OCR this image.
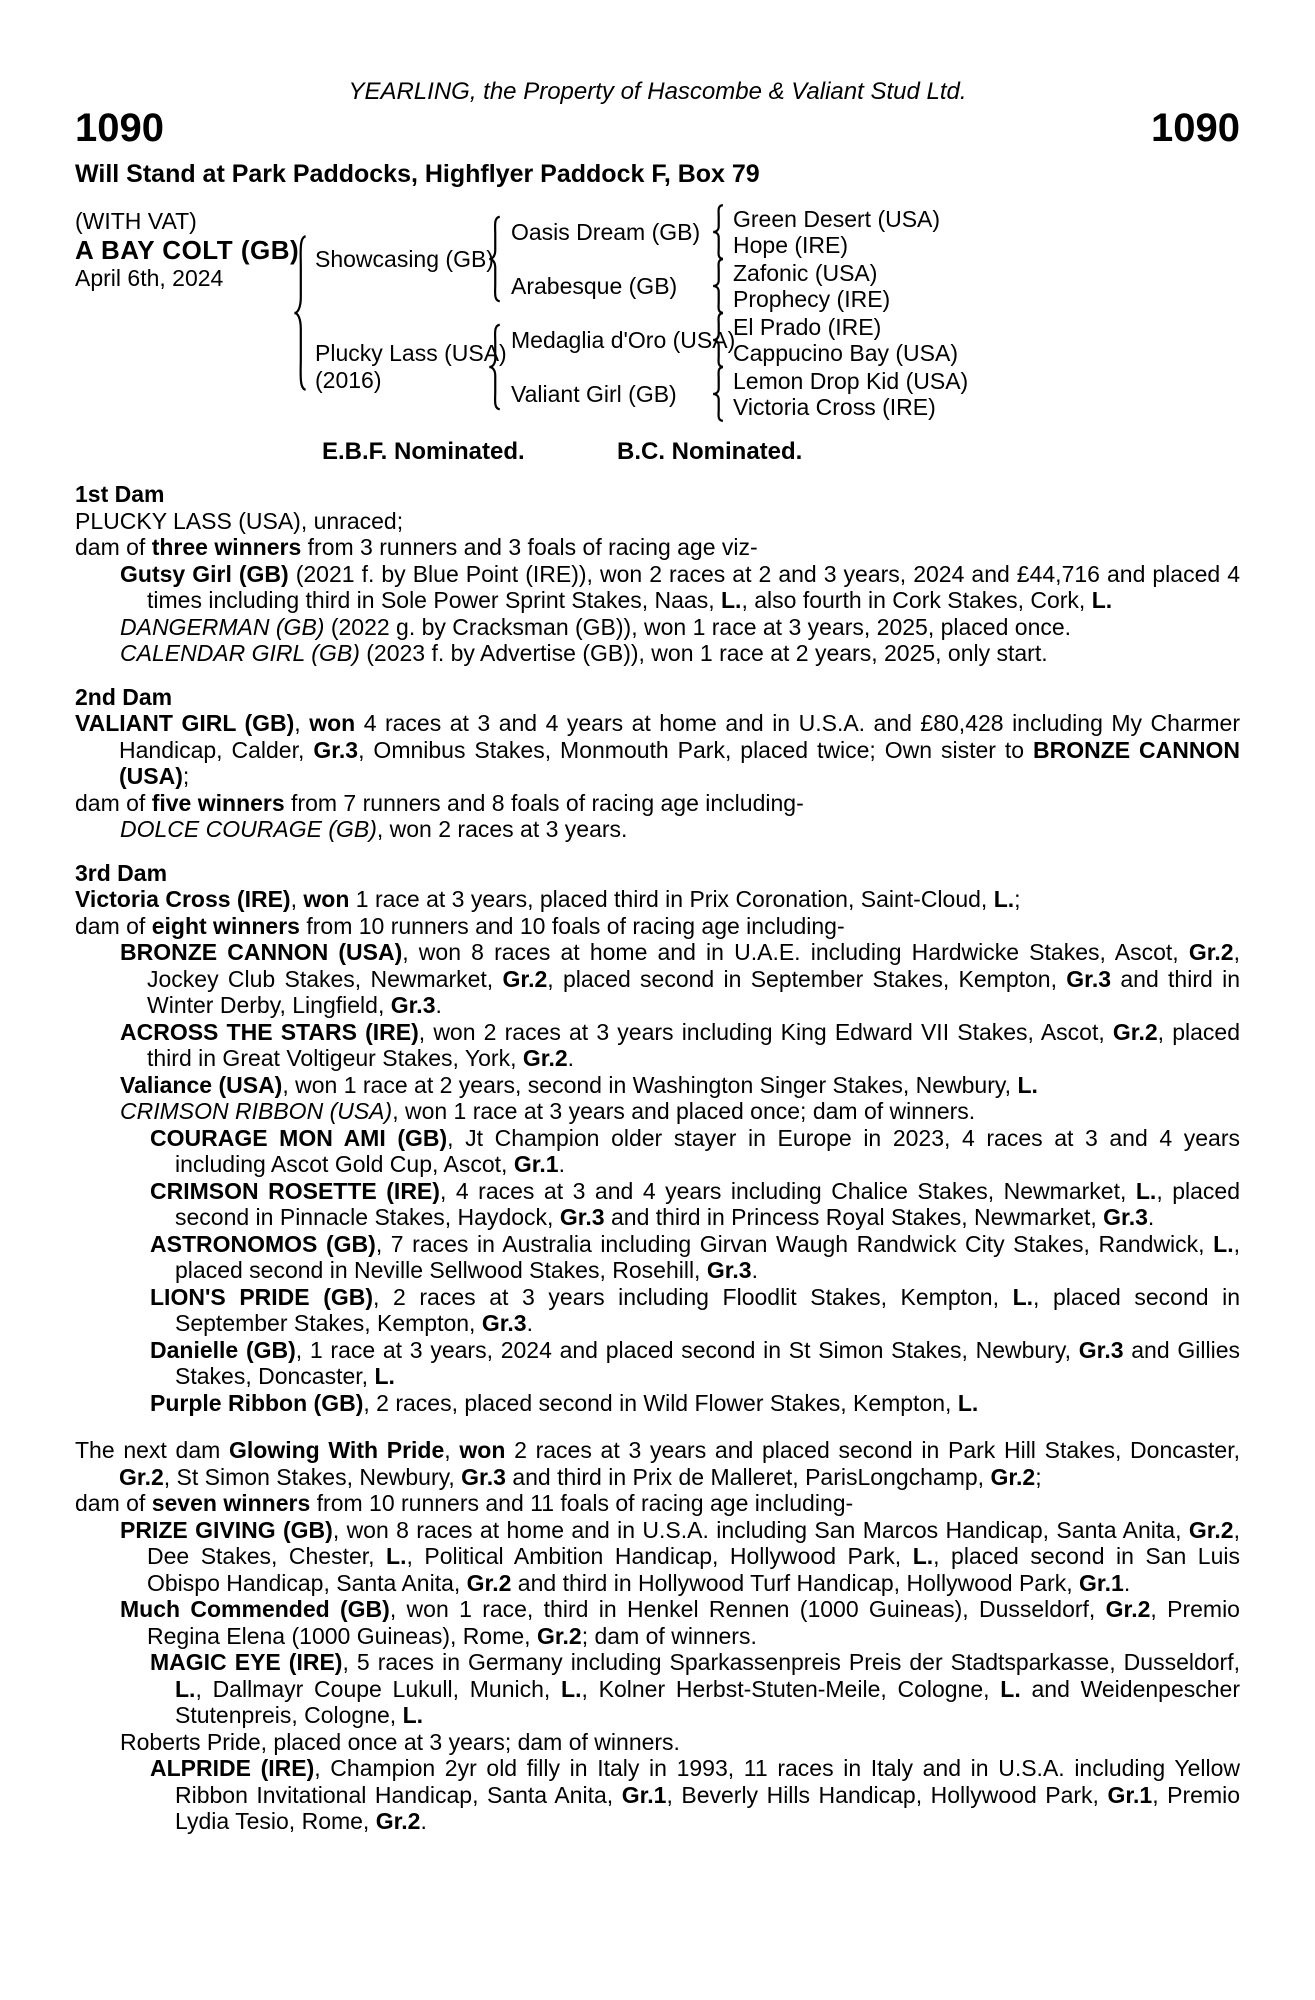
YEARLING, the Property of Hascombe & Valiant Stud Ltd.
1090	1090
Will Stand at Park Paddocks, Highflyer Paddock F, Box 79
(WITH VAT)
A BAY COLT (GB)
April 6th, 2024
Showcasing (GB)
Plucky Lass (USA)
(2016)
Oasis Dream (GB)
Arabesque (GB)
Medaglia d'Oro (USA)
Valiant Girl (GB)
Green Desert (USA)
Hope (IRE)
Zafonic (USA)
Prophecy (IRE)
El Prado (IRE)
Cappucino Bay (USA)
Lemon Drop Kid (USA)
Victoria Cross (IRE)
E.B.F. Nominated.	B.C. Nominated.
1st Dam

PLUCKY LASS (USA), unraced;

dam of three winners from 3 runners and 3 foals of racing age viz-

Gutsy Girl (GB) (2021 f. by Blue Point (IRE)), won 2 races at 2 and 3 years, 2024 and £44,716 and placed 4 times including third in Sole Power Sprint Stakes, Naas, L., also fourth in Cork Stakes, Cork, L.

DANGERMAN (GB) (2022 g. by Cracksman (GB)), won 1 race at 3 years, 2025, placed once.

CALENDAR GIRL (GB) (2023 f. by Advertise (GB)), won 1 race at 2 years, 2025, only start.

2nd Dam

VALIANT GIRL (GB), won 4 races at 3 and 4 years at home and in U.S.A. and £80,428 including My Charmer Handicap, Calder, Gr.3, Omnibus Stakes, Monmouth Park, placed twice; Own sister to BRONZE CANNON (USA);

dam of five winners from 7 runners and 8 foals of racing age including-

DOLCE COURAGE (GB), won 2 races at 3 years.

3rd Dam

Victoria Cross (IRE), won 1 race at 3 years, placed third in Prix Coronation, Saint-Cloud, L.;

dam of eight winners from 10 runners and 10 foals of racing age including-

BRONZE CANNON (USA), won 8 races at home and in U.A.E. including Hardwicke Stakes, Ascot, Gr.2, Jockey Club Stakes, Newmarket, Gr.2, placed second in September Stakes, Kempton, Gr.3 and third in Winter Derby, Lingfield, Gr.3.

ACROSS THE STARS (IRE), won 2 races at 3 years including King Edward VII Stakes, Ascot, Gr.2, placed third in Great Voltigeur Stakes, York, Gr.2.

Valiance (USA), won 1 race at 2 years, second in Washington Singer Stakes, Newbury, L.

CRIMSON RIBBON (USA), won 1 race at 3 years and placed once; dam of winners.

COURAGE MON AMI (GB), Jt Champion older stayer in Europe in 2023, 4 races at 3 and 4 years including Ascot Gold Cup, Ascot, Gr.1.

CRIMSON ROSETTE (IRE), 4 races at 3 and 4 years including Chalice Stakes, Newmarket, L., placed second in Pinnacle Stakes, Haydock, Gr.3 and third in Princess Royal Stakes, Newmarket, Gr.3.

ASTRONOMOS (GB), 7 races in Australia including Girvan Waugh Randwick City Stakes, Randwick, L., placed second in Neville Sellwood Stakes, Rosehill, Gr.3.

LION'S PRIDE (GB), 2 races at 3 years including Floodlit Stakes, Kempton, L., placed second in September Stakes, Kempton, Gr.3.

Danielle (GB), 1 race at 3 years, 2024 and placed second in St Simon Stakes, Newbury, Gr.3 and Gillies Stakes, Doncaster, L.

Purple Ribbon (GB), 2 races, placed second in Wild Flower Stakes, Kempton, L.

The next dam Glowing With Pride, won 2 races at 3 years and placed second in Park Hill Stakes, Doncaster, Gr.2, St Simon Stakes, Newbury, Gr.3 and third in Prix de Malleret, ParisLongchamp, Gr.2;

dam of seven winners from 10 runners and 11 foals of racing age including-

PRIZE GIVING (GB), won 8 races at home and in U.S.A. including San Marcos Handicap, Santa Anita, Gr.2, Dee Stakes, Chester, L., Political Ambition Handicap, Hollywood Park, L., placed second in San Luis Obispo Handicap, Santa Anita, Gr.2 and third in Hollywood Turf Handicap, Hollywood Park, Gr.1.

Much Commended (GB), won 1 race, third in Henkel Rennen (1000 Guineas), Dusseldorf, Gr.2, Premio Regina Elena (1000 Guineas), Rome, Gr.2; dam of winners.

MAGIC EYE (IRE), 5 races in Germany including Sparkassenpreis Preis der Stadtsparkasse, Dusseldorf, L., Dallmayr Coupe Lukull, Munich, L., Kolner Herbst-Stuten-Meile, Cologne, L. and Weidenpescher Stutenpreis, Cologne, L.

Roberts Pride, placed once at 3 years; dam of winners.

ALPRIDE (IRE), Champion 2yr old filly in Italy in 1993, 11 races in Italy and in U.S.A. including Yellow Ribbon Invitational Handicap, Santa Anita, Gr.1, Beverly Hills Handicap, Hollywood Park, Gr.1, Premio Lydia Tesio, Rome, Gr.2.
